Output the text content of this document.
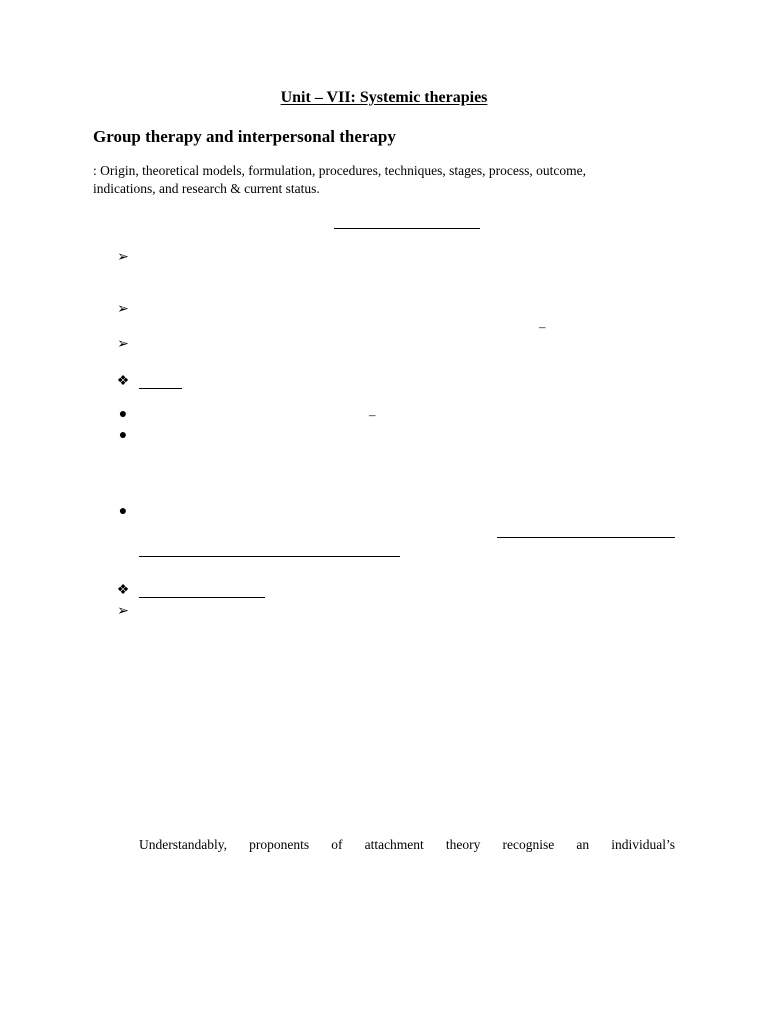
Unit – VII: Systemic therapies
Group therapy and interpersonal therapy

: Origin, theoretical models, formulation, procedures, techniques, stages, process, outcome,

indications, and research & current status.

➢
➢
–
➢
❖
●	–
●
●
❖
➢
Understandably, proponents of attachment theory recognise an individual’s
